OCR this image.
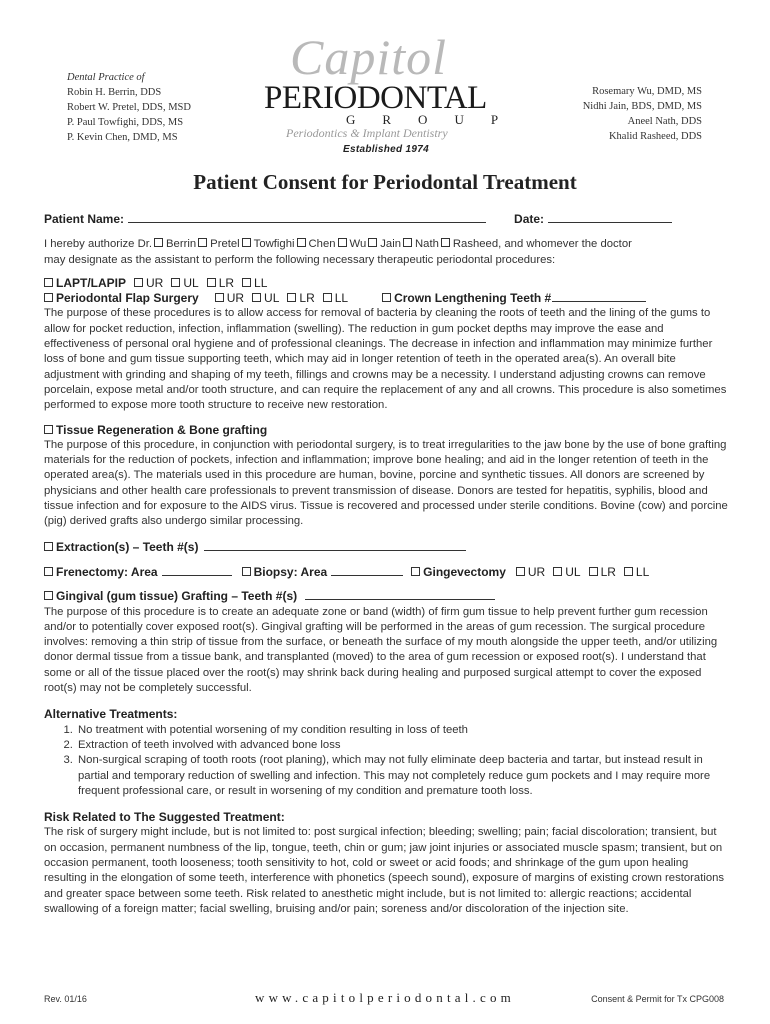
Dental Practice of
Robin H. Berrin, DDS
Robert W. Pretel, DDS, MSD
P. Paul Towfighi, DDS, MS
P. Kevin Chen, DMD, MS
Capitol
PERIODONTAL
GROUP
Periodontics & Implant Dentistry
Established 1974
Rosemary Wu, DMD, MS
Nidhi Jain, BDS, DMD, MS
Aneel Nath, DDS
Khalid Rasheed, DDS
Patient Consent for Periodontal Treatment
Patient Name:	Date:
I hereby authorize Dr. Berrin Pretel Towfighi Chen Wu Jain Nath Rasheed , and whomever the doctor
may designate as the assistant to perform the following necessary therapeutic periodontal procedures:
LAPT/LAPIP UR UL LR LL
Periodontal Flap Surgery UR UL LR LL	Crown Lengthening Teeth #

The purpose of these procedures is to allow access for removal of bacteria by cleaning the roots of teeth and the lining of the gums to allow for pocket reduction, infection, inflammation (swelling). The reduction in gum pocket depths may improve the ease and effectiveness of personal oral hygiene and of professional cleanings. The decrease in infection and inflammation may minimize further loss of bone and gum tissue supporting teeth, which may aid in longer retention of teeth in the operated area(s). An overall bite adjustment with grinding and shaping of my teeth, fillings and crowns may be a necessity. I understand adjusting crowns can remove porcelain, expose metal and/or tooth structure, and can require the replacement of any and all crowns. This procedure is also sometimes performed to expose more tooth structure to receive new restoration.

Tissue Regeneration & Bone grafting

The purpose of this procedure, in conjunction with periodontal surgery, is to treat irregularities to the jaw bone by the use of bone grafting materials for the reduction of pockets, infection and inflammation; improve bone healing; and aid in the longer retention of teeth in the operated area(s). The materials used in this procedure are human, bovine, porcine and synthetic tissues. All donors are screened by physicians and other health care professionals to prevent transmission of disease. Donors are tested for hepatitis, syphilis, blood and tissue infection and for exposure to the AIDS virus. Tissue is recovered and processed under sterile conditions. Bovine (cow) and porcine (pig) derived grafts also undergo similar processing.

Extraction(s) – Teeth #(s)
Frenectomy: Area	Biopsy: Area	Gingevectomy UR UL LR LL
Gingival (gum tissue) Grafting – Teeth #(s)

The purpose of this procedure is to create an adequate zone or band (width) of firm gum tissue to help prevent further gum recession and/or to potentially cover exposed root(s). Gingival grafting will be performed in the areas of gum recession. The surgical procedure involves: removing a thin strip of tissue from the surface, or beneath the surface of my mouth alongside the upper teeth, and/or utilizing donor dermal tissue from a tissue bank, and transplanted (moved) to the area of gum recession or exposed root(s). I understand that some or all of the tissue placed over the root(s) may shrink back during healing and purposed surgical attempt to cover the exposed root(s) may not be completely successful.

Alternative Treatments:
1. No treatment with potential worsening of my condition resulting in loss of teeth
2. Extraction of teeth involved with advanced bone loss
3. Non-surgical scraping of tooth roots (root planing), which may not fully eliminate deep bacteria and tartar, but instead result in partial and temporary reduction of swelling and infection. This may not completely reduce gum pockets and I may require more frequent professional care, or result in worsening of my condition and premature tooth loss.
Risk Related to The Suggested Treatment:

The risk of surgery might include, but is not limited to: post surgical infection; bleeding; swelling; pain; facial discoloration; transient, but on occasion, permanent numbness of the lip, tongue, teeth, chin or gum; jaw joint injuries or associated muscle spasm; transient, but on occasion permanent, tooth looseness; tooth sensitivity to hot, cold or sweet or acid foods; and shrinkage of the gum upon healing resulting in the elongation of some teeth, interference with phonetics (speech sound), exposure of margins of existing crown restorations and greater space between some teeth. Risk related to anesthetic might include, but is not limited to: allergic reactions; accidental swallowing of a foreign matter; facial swelling, bruising and/or pain; soreness and/or discoloration of the injection site.

Rev. 01/16	www.capitolperiodontal.com	Consent & Permit for Tx CPG008
